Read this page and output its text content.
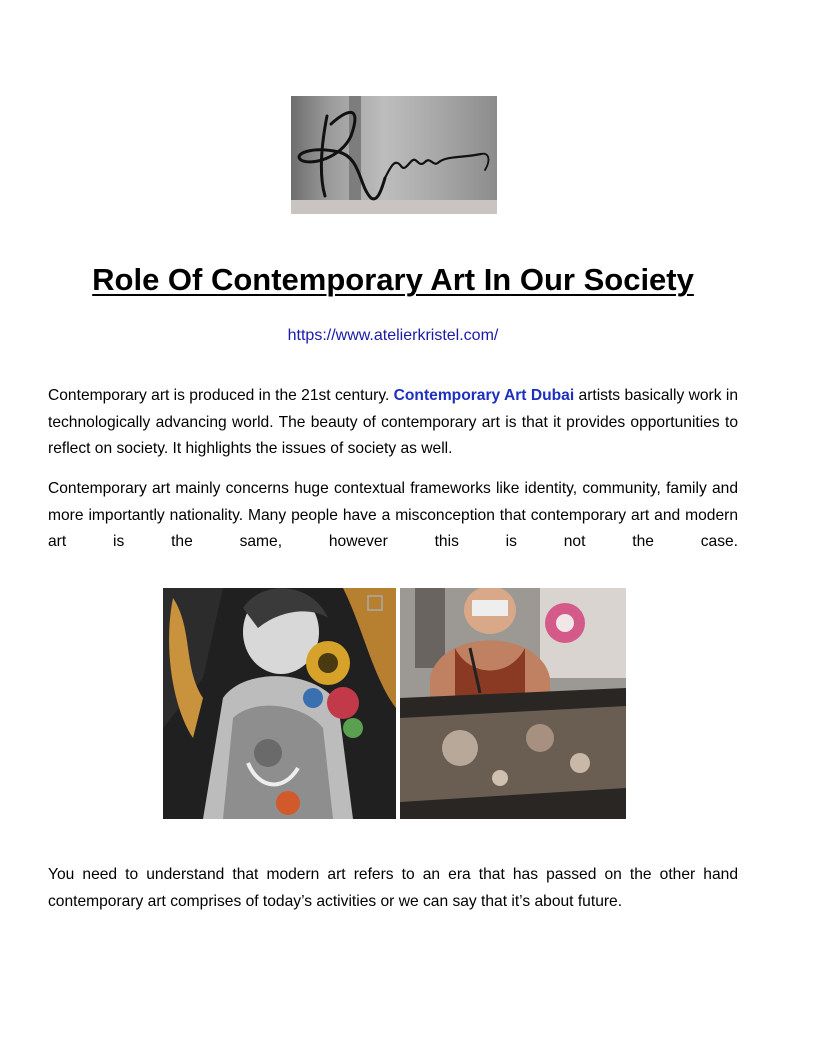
Role Of Contemporary Art In Our Society
https://www.atelierkristel.com/

Contemporary art is produced in the 21st century. Contemporary Art Dubai artists basically work in technologically advancing world. The beauty of contemporary art is that it provides opportunities to reflect on society. It highlights the issues of society as well.

Contemporary art mainly concerns huge contextual frameworks like identity, community, family and more importantly nationality. Many people have a misconception that contemporary art and modern art is the same, however this is not the case.

You need to understand that modern art refers to an era that has passed on the other hand contemporary art comprises of today’s activities or we can say that it’s about future.
